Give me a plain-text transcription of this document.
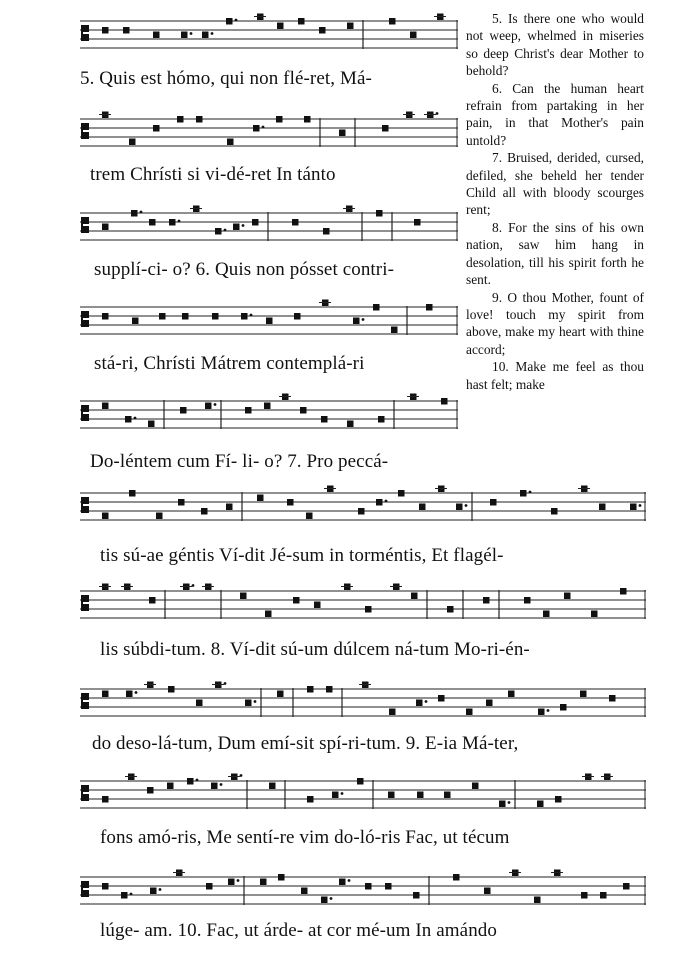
5. Quis est hómo, qui non flé-ret, Má-
trem Chrísti si vi-dé-ret In tánto
supplí-ci- o? 6. Quis non pósset contri-
stá-ri, Chrísti Mátrem contemplá-ri
Do-léntem cum Fí- li- o? 7. Pro peccá-
tis sú-ae géntis Ví-dit Jé-sum in torméntis, Et flagél-
lis súbdi-tum. 8. Ví-dit sú-um dúlcem ná-tum Mo-ri-én-
do deso-lá-tum, Dum emí-sit spí-ri-tum. 9. E-ia Má-ter,
fons amó-ris, Me sentí-re vim do-ló-ris Fac, ut técum
lúge- am. 10. Fac, ut árde- at cor mé-um In amándo

5. Is there one who would not weep, whelmed in miseries so deep Christ's dear Mother to behold?

6. Can the human heart refrain from partaking in her pain, in that Mother's pain untold?

7. Bruised, derided, cursed, defiled, she beheld her tender Child all with bloody scourges rent;

8. For the sins of his own nation, saw him hang in desolation, till his spirit forth he sent.

9. O thou Mother, fount of love! touch my spirit from above, make my heart with thine accord;

10. Make me feel as thou hast felt; make
